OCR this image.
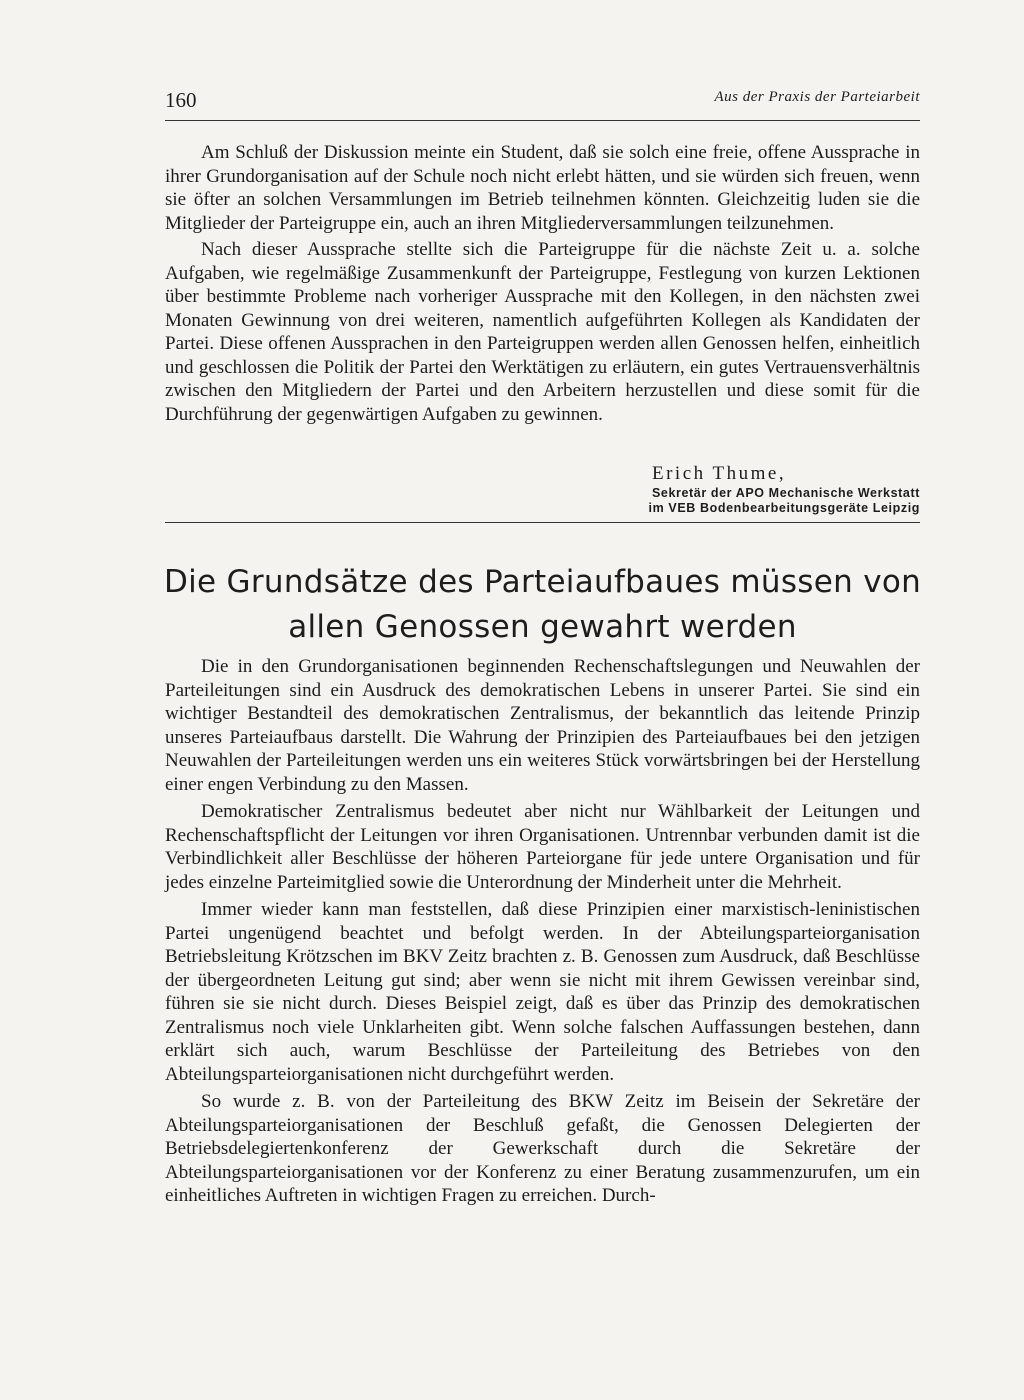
160	Aus der Praxis der Parteiarbeit

Am Schluß der Diskussion meinte ein Student, daß sie solch eine freie, offene Aussprache in ihrer Grundorganisation auf der Schule noch nicht erlebt hätten, und sie würden sich freuen, wenn sie öfter an solchen Versammlungen im Betrieb teilnehmen könnten. Gleichzeitig luden sie die Mitglieder der Parteigruppe ein, auch an ihren Mitgliederversammlungen teilzunehmen.

Nach dieser Aussprache stellte sich die Parteigruppe für die nächste Zeit u. a. solche Aufgaben, wie regelmäßige Zusammenkunft der Parteigruppe, Festlegung von kurzen Lektionen über bestimmte Probleme nach vorheriger Aussprache mit den Kollegen, in den nächsten zwei Monaten Gewinnung von drei weiteren, namentlich aufgeführten Kollegen als Kandidaten der Partei. Diese offenen Aussprachen in den Parteigruppen werden allen Genossen helfen, einheitlich und geschlossen die Politik der Partei den Werktätigen zu erläutern, ein gutes Vertrauensverhältnis zwischen den Mitgliedern der Partei und den Arbeitern herzustellen und diese somit für die Durchführung der gegenwärtigen Aufgaben zu gewinnen.

Erich Thume,
Sekretär der APO Mechanische Werkstatt
im VEB Bodenbearbeitungsgeräte Leipzig
Die Grundsätze des Parteiaufbaues müssen von allen Genossen gewahrt werden

Die in den Grundorganisationen beginnenden Rechenschaftslegungen und Neuwahlen der Parteileitungen sind ein Ausdruck des demokratischen Lebens in unserer Partei. Sie sind ein wichtiger Bestandteil des demokratischen Zentralismus, der bekanntlich das leitende Prinzip unseres Parteiaufbaus darstellt. Die Wahrung der Prinzipien des Parteiaufbaues bei den jetzigen Neuwahlen der Parteileitungen werden uns ein weiteres Stück vorwärtsbringen bei der Herstellung einer engen Verbindung zu den Massen.

Demokratischer Zentralismus bedeutet aber nicht nur Wählbarkeit der Leitungen und Rechenschaftspflicht der Leitungen vor ihren Organisationen. Untrennbar verbunden damit ist die Verbindlichkeit aller Beschlüsse der höheren Parteiorgane für jede untere Organisation und für jedes einzelne Parteimitglied sowie die Unterordnung der Minderheit unter die Mehrheit.

Immer wieder kann man feststellen, daß diese Prinzipien einer marxistisch-leninistischen Partei ungenügend beachtet und befolgt werden. In der Abteilungsparteiorganisation Betriebsleitung Krötzschen im BKV Zeitz brachten z. B. Genossen zum Ausdruck, daß Beschlüsse der übergeordneten Leitung gut sind; aber wenn sie nicht mit ihrem Gewissen vereinbar sind, führen sie sie nicht durch. Dieses Beispiel zeigt, daß es über das Prinzip des demokratischen Zentralismus noch viele Unklarheiten gibt. Wenn solche falschen Auffassungen bestehen, dann erklärt sich auch, warum Beschlüsse der Parteileitung des Betriebes von den Abteilungsparteiorganisationen nicht durchgeführt werden.

So wurde z. B. von der Parteileitung des BKW Zeitz im Beisein der Sekretäre der Abteilungsparteiorganisationen der Beschluß gefaßt, die Genossen Delegierten der Betriebsdelegiertenkonferenz der Gewerkschaft durch die Sekretäre der Abteilungsparteiorganisationen vor der Konferenz zu einer Beratung zusammenzurufen, um ein einheitliches Auftreten in wichtigen Fragen zu erreichen. Durch-
